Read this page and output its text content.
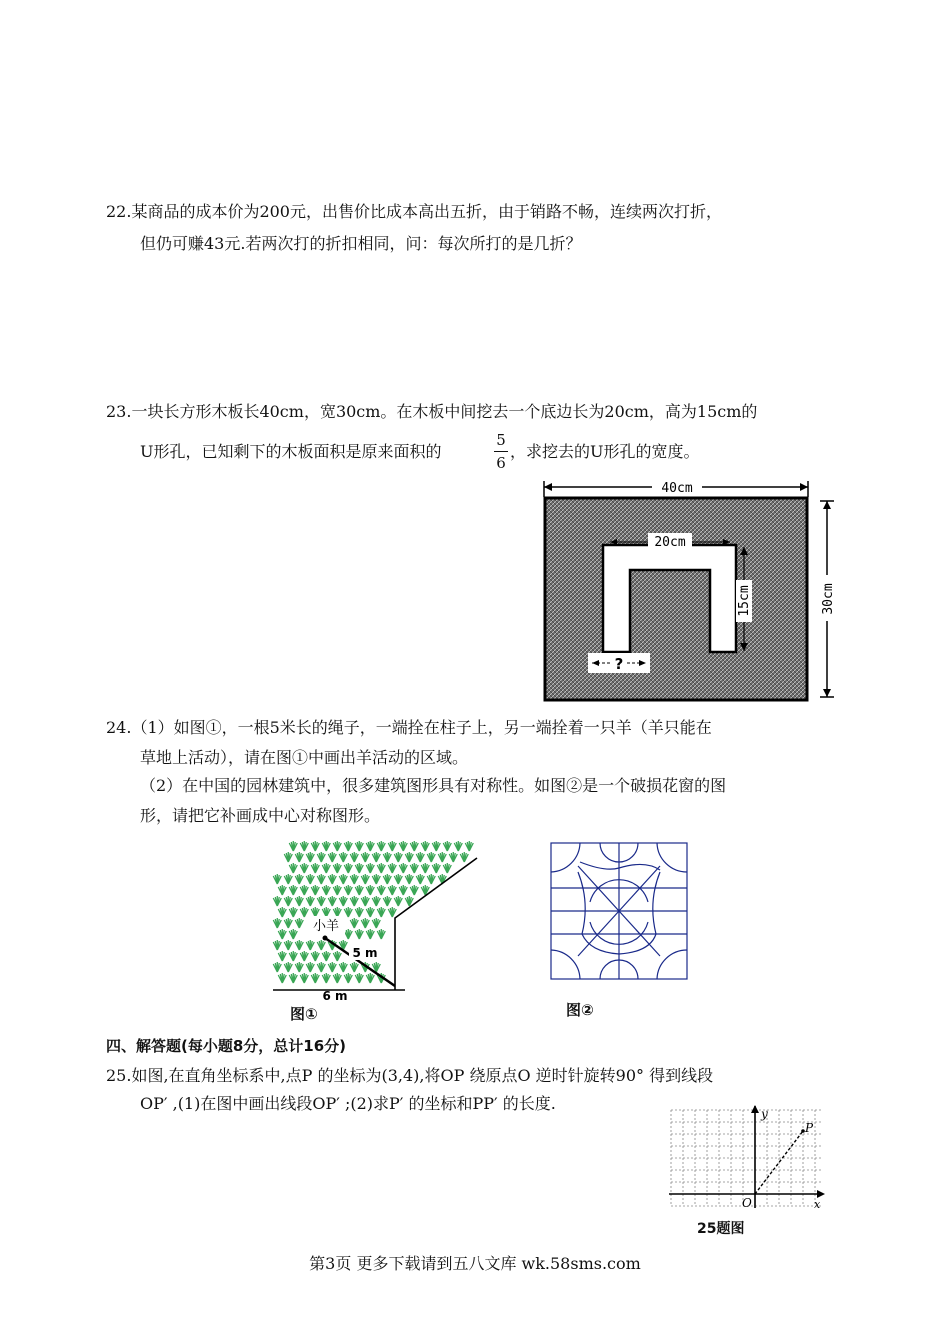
22.某商品的成本价为200元，出售价比成本高出五折，由于销路不畅，连续两次打折，
但仍可赚43元.若两次打的折扣相同，问：每次所打的是几折？
23.一块长方形木板长40cm，宽30cm。在木板中间挖去一个底边长为20cm，高为15cm的
U形孔，已知剩下的木板面积是原来面积的
5
6
，求挖去的U形孔的宽度。
40cm
20cm
15cm	30cm
?
24.（1）如图①，一根5米长的绳子，一端拴在柱子上，另一端拴着一只羊（羊只能在
草地上活动），请在图①中画出羊活动的区域。
（2）在中国的园林建筑中，很多建筑图形具有对称性。如图②是一个破损花窗的图
形，请把它补画成中心对称图形。
小羊
5 m
6 m
图①	图②
四、解答题(每小题8分，总计16分)
25.如图,在直角坐标系中,点P 的坐标为(3,4),将OP 绕原点O 逆时针旋转90° 得到线段
OP′ ,(1)在图中画出线段OP′ ;(2)求P′ 的坐标和PP′ 的长度.
y
x
O
P
25题图
第3页 更多下载请到五八文库 wk.58sms.com
